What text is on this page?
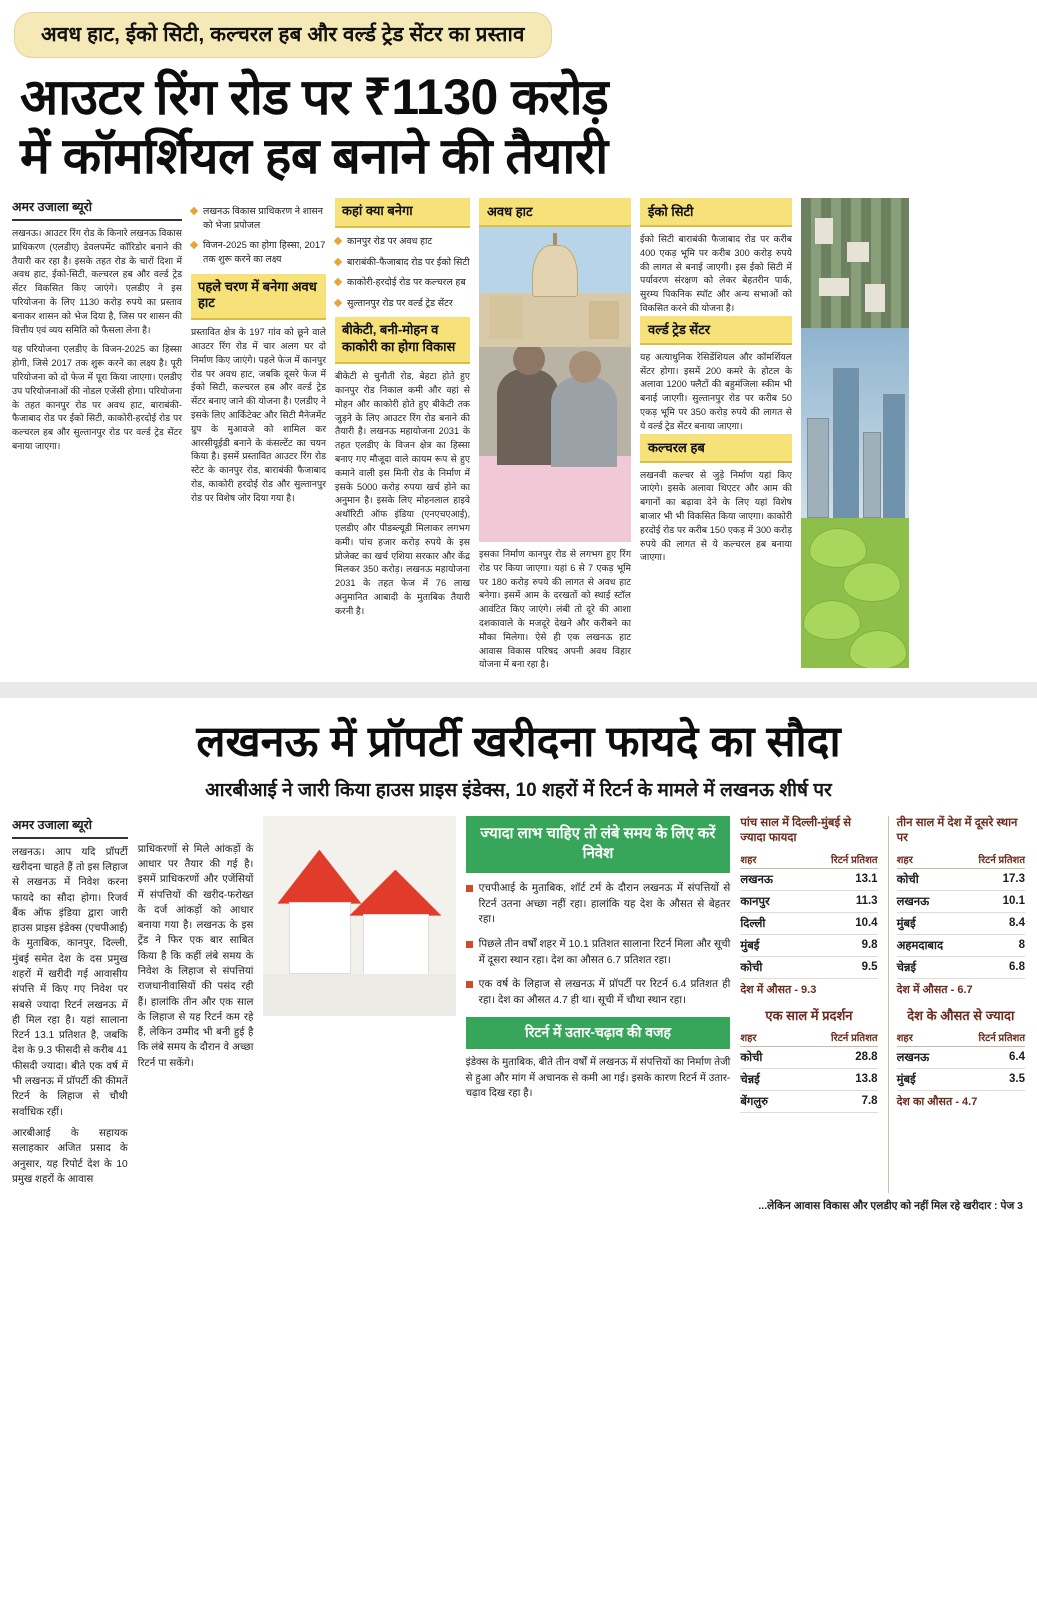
अवध हाट, ईको सिटी, कल्चरल हब और वर्ल्ड ट्रेड सेंटर का प्रस्ताव
आउटर रिंग रोड पर ₹1130 करोड़
में कॉमर्शियल हब बनाने की तैयारी
अमर उजाला ब्यूरो

लखनऊ। आउटर रिंग रोड के किनारे लखनऊ विकास प्राधिकरण (एलडीए) डेवलपमेंट कॉरिडोर बनाने की तैयारी कर रहा है। इसके तहत रोड के चारों दिशा में अवध हाट, ईको-सिटी, कल्चरल हब और वर्ल्ड ट्रेड सेंटर विकसित किए जाएंगे। एलडीए ने इस परियोजना के लिए 1130 करोड़ रुपये का प्रस्ताव बनाकर शासन को भेज दिया है, जिस पर शासन की वित्तीय एवं व्यय समिति को फैसला लेना है।

यह परियोजना एलडीए के विजन-2025 का हिस्सा होगी, जिसे 2017 तक शुरू करने का लक्ष्य है। पूरी परियोजना को दो फेज में पूरा किया जाएगा। एलडीए उप परियोजनाओं की नोडल एजेंसी होगा। परियोजना के तहत कानपुर रोड पर अवध हाट, बाराबंकी-फैजाबाद रोड पर ईको सिटी, काकोरी-हरदोई रोड पर कल्चरल हब और सुल्तानपुर रोड पर वर्ल्ड ट्रेड सेंटर बनाया जाएगा।

लखनऊ विकास प्राधिकरण ने शासन को भेजा प्रपोजल
विजन-2025 का होगा हिस्सा, 2017 तक शुरू करने का लक्ष्य
पहले चरण में बनेगा अवध हाट
प्रस्तावित क्षेत्र के 197 गांव को छूने वाले आउटर रिंग रोड में चार अलग घर दो निर्माण किए जाएंगे। पहले फेज में कानपुर रोड पर अवध हाट, जबकि दूसरे फेज में ईको सिटी, कल्चरल हब और वर्ल्ड ट्रेड सेंटर बनाए जाने की योजना है। एलडीए ने इसके लिए आर्किटेक्ट और सिटी मैनेजमेंट ग्रुप के मुआवजे को शामिल कर आरसीयूईडी बनाने के कंसल्टेंट का चयन किया है। इसमें प्रस्तावित आउटर रिंग रोड स्टेट के कानपुर रोड, बाराबंकी फैजाबाद रोड, काकोरी हरदोई रोड और सुल्तानपुर रोड पर विशेष जोर दिया गया है।
कहां क्या बनेगा
कानपुर रोड पर अवध हाट
बाराबंकी-फैजाबाद रोड पर ईको सिटी
काकोरी-हरदोई रोड पर कल्चरल हब
सुल्तानपुर रोड पर वर्ल्ड ट्रेड सेंटर
बीकेटी, बनी-मोहन व काकोरी का होगा विकास
बीकेटी से चुनौती रोड, बेहटा होते हुए कानपुर रोड निकाल कमी और वहां से मोहन और काकोरी होते हुए बीकेटी तक जुड़ने के लिए आउटर रिंग रोड बनाने की तैयारी है। लखनऊ महायोजना 2031 के तहत एलडीए के विजन क्षेत्र का हिस्सा बनाए गए मौजूदा वाले कायम रूप से हुए कमाने वाली इस मिनी रोड के निर्माण में इसके 5000 करोड़ रुपया खर्च होने का अनुमान है। इसके लिए मोहनलाल हाइवे अथॉरिटी ऑफ इंडिया (एनएचएआई), एलडीए और पीडब्ल्यूडी मिलाकर लगभग कमी। पांच हजार करोड़ रुपये के इस प्रोजेक्ट का खर्च एशिया सरकार और केंद्र मिलकर 350 करोड़। लखनऊ महायोजना 2031 के तहत फेज में 76 लाख अनुमानित आबादी के मुताबिक तैयारी करनी है।
अवध हाट
इसका निर्माण कानपुर रोड से लगभग हुए रिंग रोड पर किया जाएगा। यहां 6 से 7 एकड़ भूमि पर 180 करोड़ रुपये की लागत से अवध हाट बनेगा। इसमें आम के दरखतों को स्थाई स्टॉल आवंटित किए जाएंगे। लंबी तो दूरे की आशा दशकावाले के मजदूरे देखने और करीबने का मौका मिलेगा। ऐसे ही एक लखनऊ हाट आवास विकास परिषद अपनी अवध विहार योजना में बना रहा है।
ईको सिटी
ईको सिटी बाराबंकी फैजाबाद रोड पर करीब 400 एकड़ भूमि पर करीब 300 करोड़ रुपये की लागत से बनाई जाएगी। इस ईको सिटी में पर्यावरण संरक्षण को लेकर बेहतरीन पार्क, सुरम्य पिकनिक स्पॉट और अन्य सभाओं को विकसित करने की योजना है।
वर्ल्ड ट्रेड सेंटर
यह अत्याधुनिक रेसिडेंशियल और कॉमर्शियल सेंटर होगा। इसमें 200 कमरे के होटल के अलावा 1200 फ्लैटों की बहुमंजिला स्कीम भी बनाई जाएगी। सुल्तानपुर रोड पर करीब 50 एकड़ भूमि पर 350 करोड़ रुपये की लागत से ये वर्ल्ड ट्रेड सेंटर बनाया जाएगा।
कल्चरल हब
लखनवी कल्चर से जुड़े निर्माण यहां किए जाएंगे। इसके अलावा थिएटर और आम की बगानों का बढ़ावा देने के लिए यहां विशेष बाजार भी भी विकसित किया जाएगा। काकोरी हरदोई रोड पर करीब 150 एकड़ में 300 करोड़ रुपये की लागत से ये कल्चरल हब बनाया जाएगा।
लखनऊ में प्रॉपर्टी खरीदना फायदे का सौदा
आरबीआई ने जारी किया हाउस प्राइस इंडेक्स, 10 शहरों में रिटर्न के मामले में लखनऊ शीर्ष पर
अमर उजाला ब्यूरो

लखनऊ। आप यदि प्रॉपर्टी खरीदना चाहते हैं तो इस लिहाज से लखनऊ में निवेश करना फायदे का सौदा होगा। रिजर्व बैंक ऑफ इंडिया द्वारा जारी हाउस प्राइस इंडेक्स (एचपीआई) के मुताबिक, कानपुर, दिल्ली, मुंबई समेत देश के दस प्रमुख शहरों में खरीदी गई आवासीय संपत्ति में किए गए निवेश पर सबसे ज्यादा रिटर्न लखनऊ में ही मिल रहा है। यहां सालाना रिटर्न 13.1 प्रतिशत है, जबकि देश के 9.3 फीसदी से करीब 41 फीसदी ज्यादा। बीते एक वर्ष में भी लखनऊ में प्रॉपर्टी की कीमतें रिटर्न के लिहाज से चौथी सर्वाधिक रहीं।

आरबीआई के सहायक सलाहकार अजित प्रसाद के अनुसार, यह रिपोर्ट देश के 10 प्रमुख शहरों के आवास

प्राधिकरणों से मिले आंकड़ों के आधार पर तैयार की गई है। इसमें प्राधिकरणों और एजेंसियों में संपत्तियों की खरीद-फरोख्त के दर्ज आंकड़ों को आधार बनाया गया है। लखनऊ के इस ट्रेंड ने फिर एक बार साबित किया है कि कहीं लंबे समय के निवेश के लिहाज से संपत्तियां राजधानीवासियों की पसंद रही हैं। हालांकि तीन और एक साल के लिहाज से यह रिटर्न कम रहे हैं, लेकिन उम्मीद भी बनी हुई है कि लंबे समय के दौरान वे अच्छा रिटर्न पा सकेंगे।
ज्यादा लाभ चाहिए तो लंबे समय के लिए करें निवेश
एचपीआई के मुताबिक, शॉर्ट टर्म के दौरान लखनऊ में संपत्तियों से रिटर्न उतना अच्छा नहीं रहा। हालांकि यह देश के औसत से बेहतर रहा।
पिछले तीन वर्षों शहर में 10.1 प्रतिशत सालाना रिटर्न मिला और सूची में दूसरा स्थान रहा। देश का औसत 6.7 प्रतिशत रहा।
एक वर्ष के लिहाज से लखनऊ में प्रॉपर्टी पर रिटर्न 6.4 प्रतिशत ही रहा। देश का औसत 4.7 ही था। सूची में चौथा स्थान रहा।
रिटर्न में उतार-चढ़ाव की वजह
इंडेक्स के मुताबिक, बीते तीन वर्षों में लखनऊ में संपत्तियों का निर्माण तेजी से हुआ और मांग में अचानक से कमी आ गई। इसके कारण रिटर्न में उतार-चढ़ाव दिख रहा है।
पांच साल में दिल्ली-मुंबई से ज्यादा फायदा
शहर	रिटर्न प्रतिशत
लखनऊ	13.1
कानपुर	11.3
दिल्ली	10.4
मुंबई	9.8
कोची	9.5
देश में औसत - 9.3	
एक साल में प्रदर्शन
शहर	रिटर्न प्रतिशत
कोची	28.8
चेन्नई	13.8
बेंगलुरु	7.8
तीन साल में देश में दूसरे स्थान पर
शहर	रिटर्न प्रतिशत
कोची	17.3
लखनऊ	10.1
मुंबई	8.4
अहमदाबाद	8
चेन्नई	6.8
देश में औसत - 6.7	
देश के औसत से ज्यादा
शहर	रिटर्न प्रतिशत
लखनऊ	6.4
मुंबई	3.5
देश का औसत - 4.7	
...लेकिन आवास विकास और एलडीए को नहीं मिल रहे खरीदार : पेज 3
